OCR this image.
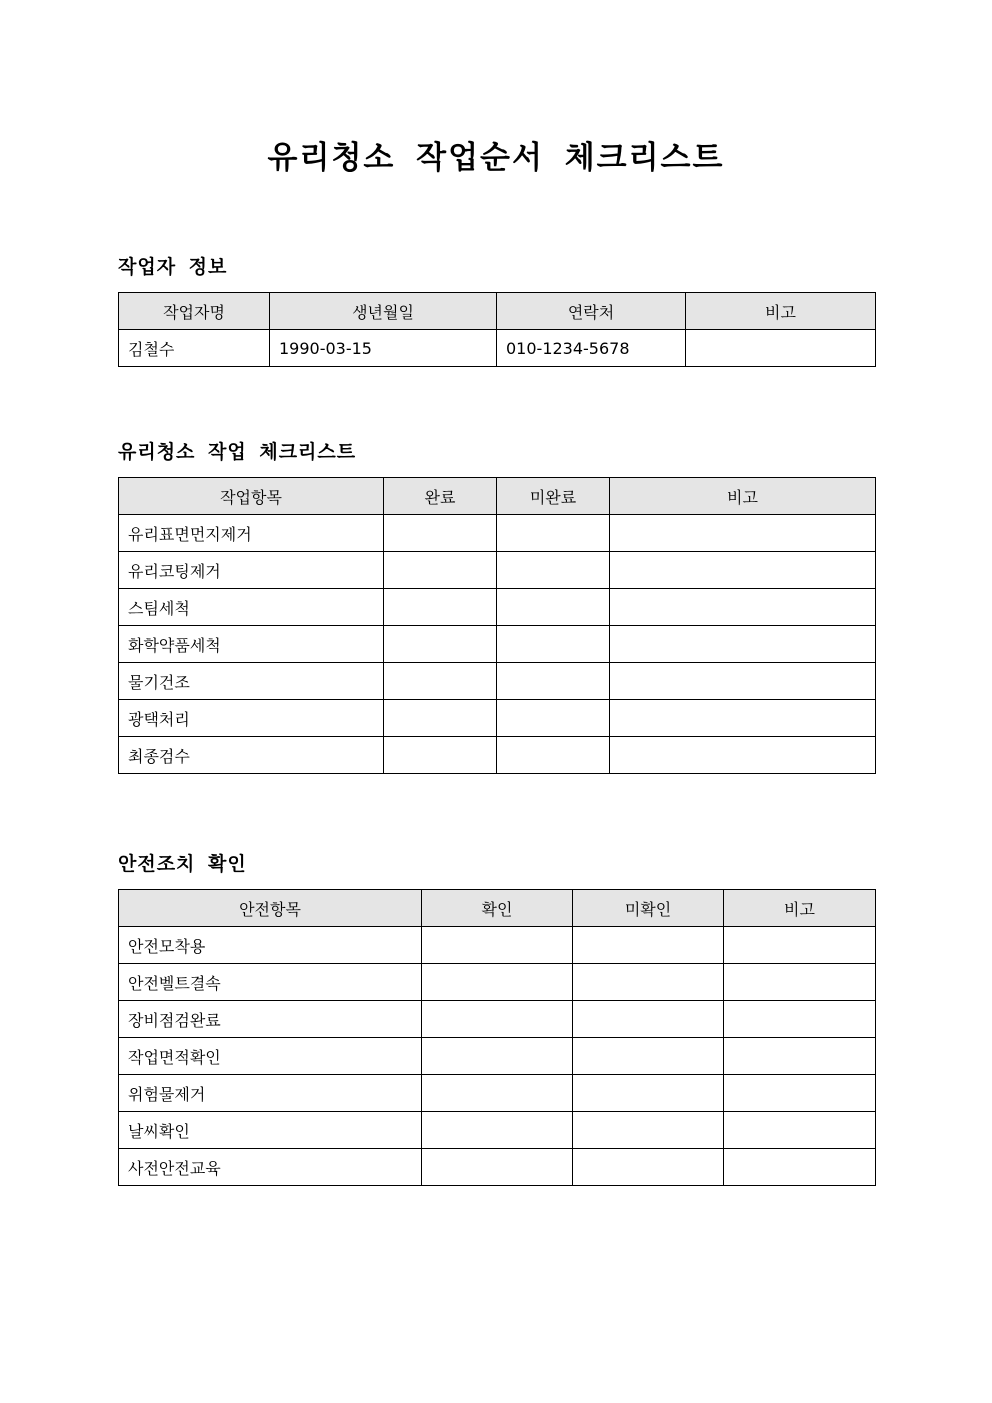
유리청소 작업순서 체크리스트
작업자 정보
작업자명	생년월일	연락처	비고
김철수	1990-03-15	010-1234-5678	
유리청소 작업 체크리스트
작업항목	완료	미완료	비고
유리표면먼지제거			
유리코팅제거			
스팀세척			
화학약품세척			
물기건조			
광택처리			
최종검수			
안전조치 확인
안전항목	확인	미확인	비고
안전모착용			
안전벨트결속			
장비점검완료			
작업면적확인			
위험물제거			
날씨확인			
사전안전교육			
